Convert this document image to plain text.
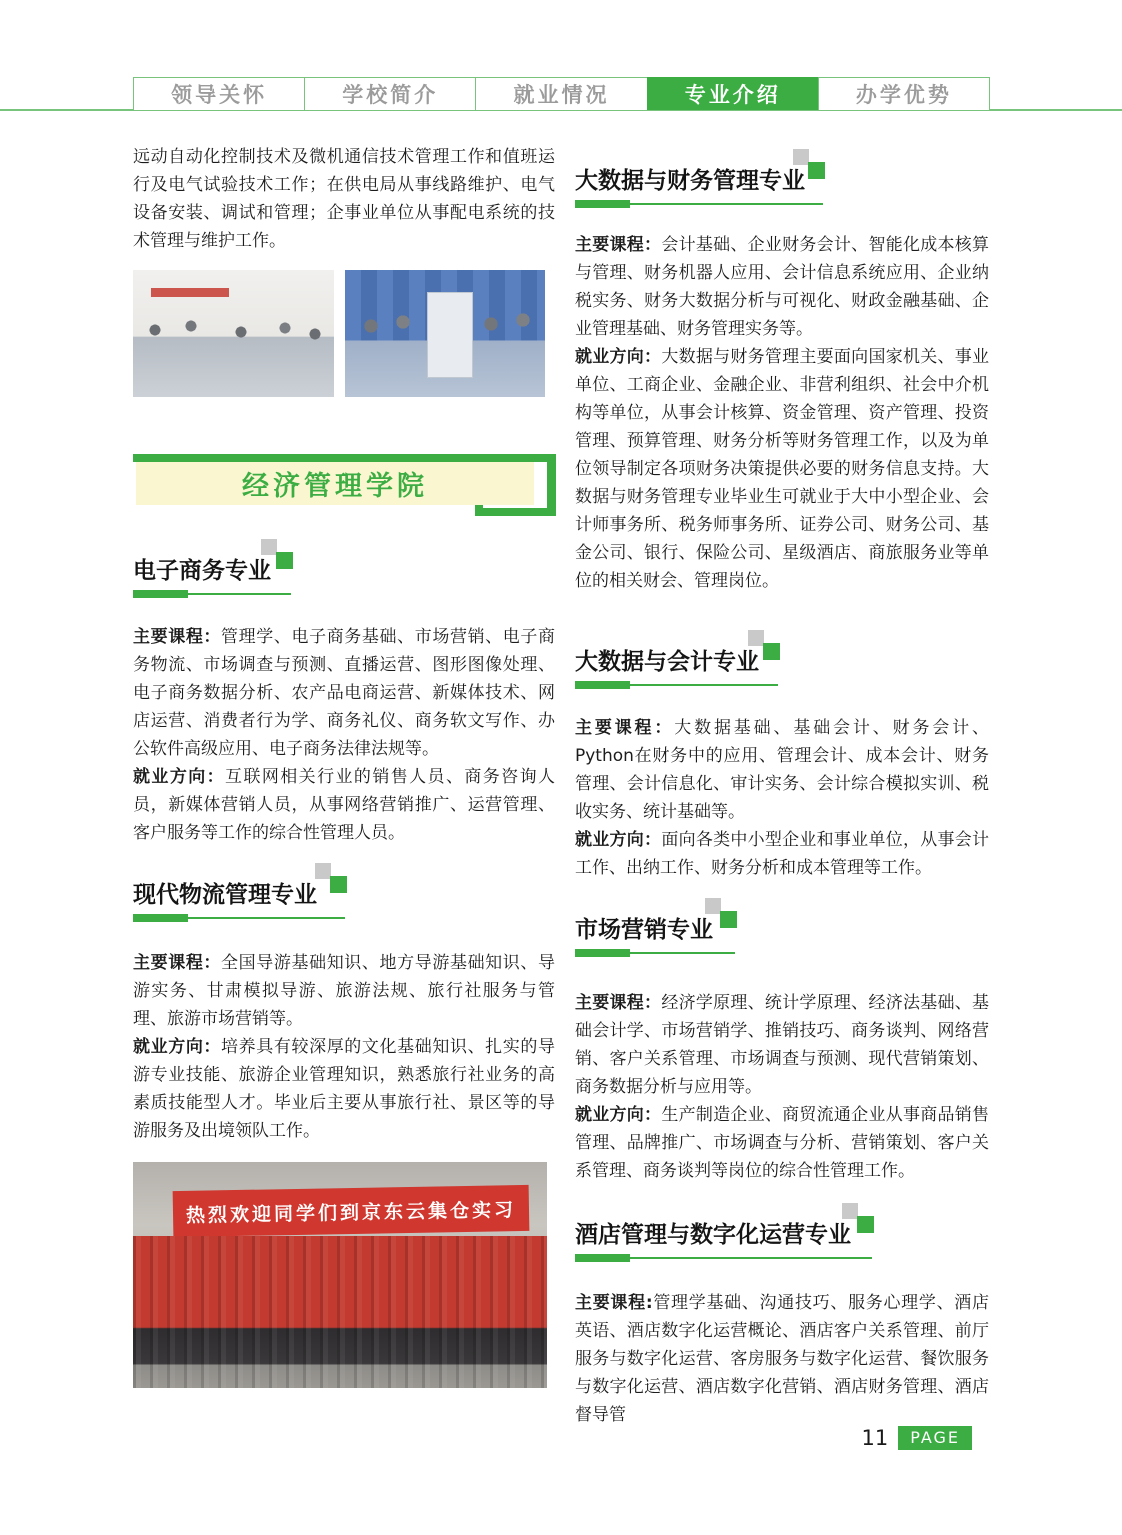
领导关怀	学校简介	就业情况	专业介绍	办学优势

远动自动化控制技术及微机通信技术管理工作和值班运行及电气试验技术工作；在供电局从事线路维护、电气设备安装、调试和管理；企事业单位从事配电系统的技术管理与维护工作。

经济管理学院
电子商务专业

主要课程：管理学、电子商务基础、市场营销、电子商务物流、市场调查与预测、直播运营、图形图像处理、电子商务数据分析、农产品电商运营、新媒体技术、网店运营、消费者行为学、商务礼仪、商务软文写作、办公软件高级应用、电子商务法律法规等。

就业方向：互联网相关行业的销售人员、商务咨询人员，新媒体营销人员，从事网络营销推广、运营管理、客户服务等工作的综合性管理人员。

现代物流管理专业

主要课程：全国导游基础知识、地方导游基础知识、导游实务、甘肃模拟导游、旅游法规、旅行社服务与管理、旅游市场营销等。

就业方向：培养具有较深厚的文化基础知识、扎实的导游专业技能、旅游企业管理知识，熟悉旅行社业务的高素质技能型人才。毕业后主要从事旅行社、景区等的导游服务及出境领队工作。

热烈欢迎同学们到京东云集仓实习
大数据与财务管理专业

主要课程：会计基础、企业财务会计、智能化成本核算与管理、财务机器人应用、会计信息系统应用、企业纳税实务、财务大数据分析与可视化、财政金融基础、企业管理基础、财务管理实务等。

就业方向：大数据与财务管理主要面向国家机关、事业单位、工商企业、金融企业、非营利组织、社会中介机构等单位，从事会计核算、资金管理、资产管理、投资管理、预算管理、财务分析等财务管理工作，以及为单位领导制定各项财务决策提供必要的财务信息支持。大数据与财务管理专业毕业生可就业于大中小型企业、会计师事务所、税务师事务所、证券公司、财务公司、基金公司、银行、保险公司、星级酒店、商旅服务业等单位的相关财会、管理岗位。

大数据与会计专业

主要课程：大数据基础、基础会计、财务会计、Python在财务中的应用、管理会计、成本会计、财务管理、会计信息化、审计实务、会计综合模拟实训、税收实务、统计基础等。

就业方向：面向各类中小型企业和事业单位，从事会计工作、出纳工作、财务分析和成本管理等工作。

市场营销专业

主要课程：经济学原理、统计学原理、经济法基础、基础会计学、市场营销学、推销技巧、商务谈判、网络营销、客户关系管理、市场调查与预测、现代营销策划、商务数据分析与应用等。

就业方向：生产制造企业、商贸流通企业从事商品销售管理、品牌推广、市场调查与分析、营销策划、客户关系管理、商务谈判等岗位的综合性管理工作。

酒店管理与数字化运营专业

主要课程:管理学基础、沟通技巧、服务心理学、酒店英语、酒店数字化运营概论、酒店客户关系管理、前厅服务与数字化运营、客房服务与数字化运营、餐饮服务与数字化运营、酒店数字化营销、酒店财务管理、酒店督导管

11	PAGE
